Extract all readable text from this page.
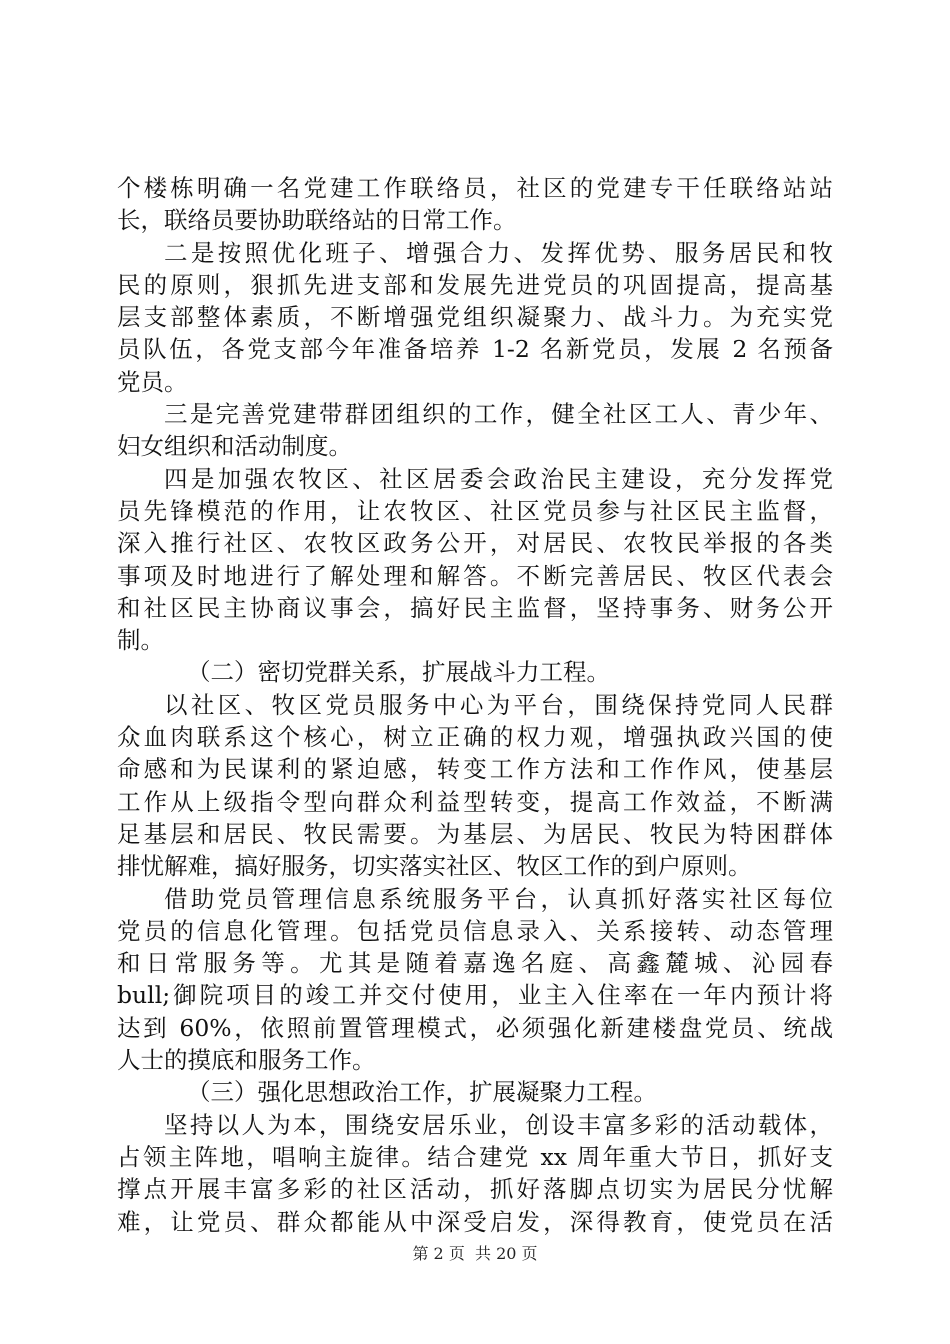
个楼栋明确一名党建工作联络员，社区的党建专干任联络站站
长，联络员要协助联络站的日常工作。
二是按照优化班子、增强合力、发挥优势、服务居民和牧
民的原则，狠抓先进支部和发展先进党员的巩固提高，提高基
层支部整体素质，不断增强党组织凝聚力、战斗力。为充实党
员队伍，各党支部今年准备培养 1-2 名新党员，发展 2 名预备
党员。
三是完善党建带群团组织的工作，健全社区工人、青少年、
妇女组织和活动制度。
四是加强农牧区、社区居委会政治民主建设，充分发挥党
员先锋模范的作用，让农牧区、社区党员参与社区民主监督，
深入推行社区、农牧区政务公开，对居民、农牧民举报的各类
事项及时地进行了解处理和解答。不断完善居民、牧区代表会
和社区民主协商议事会，搞好民主监督，坚持事务、财务公开
制。
（二）密切党群关系，扩展战斗力工程。
以社区、牧区党员服务中心为平台，围绕保持党同人民群
众血肉联系这个核心，树立正确的权力观，增强执政兴国的使
命感和为民谋利的紧迫感，转变工作方法和工作作风，使基层
工作从上级指令型向群众利益型转变，提高工作效益，不断满
足基层和居民、牧民需要。为基层、为居民、牧民为特困群体
排忧解难，搞好服务，切实落实社区、牧区工作的到户原则。
借助党员管理信息系统服务平台，认真抓好落实社区每位
党员的信息化管理。包括党员信息录入、关系接转、动态管理
和日常服务等。尤其是随着嘉逸名庭、高鑫麓城、沁园春
bull;御院项目的竣工并交付使用，业主入住率在一年内预计将
达到 60%，依照前置管理模式，必须强化新建楼盘党员、统战
人士的摸底和服务工作。
（三）强化思想政治工作，扩展凝聚力工程。
坚持以人为本，围绕安居乐业，创设丰富多彩的活动载体，
占领主阵地，唱响主旋律。结合建党 xx 周年重大节日，抓好支
撑点开展丰富多彩的社区活动，抓好落脚点切实为居民分忧解
难，让党员、群众都能从中深受启发，深得教育，使党员在活
第 2 页  共 20 页
